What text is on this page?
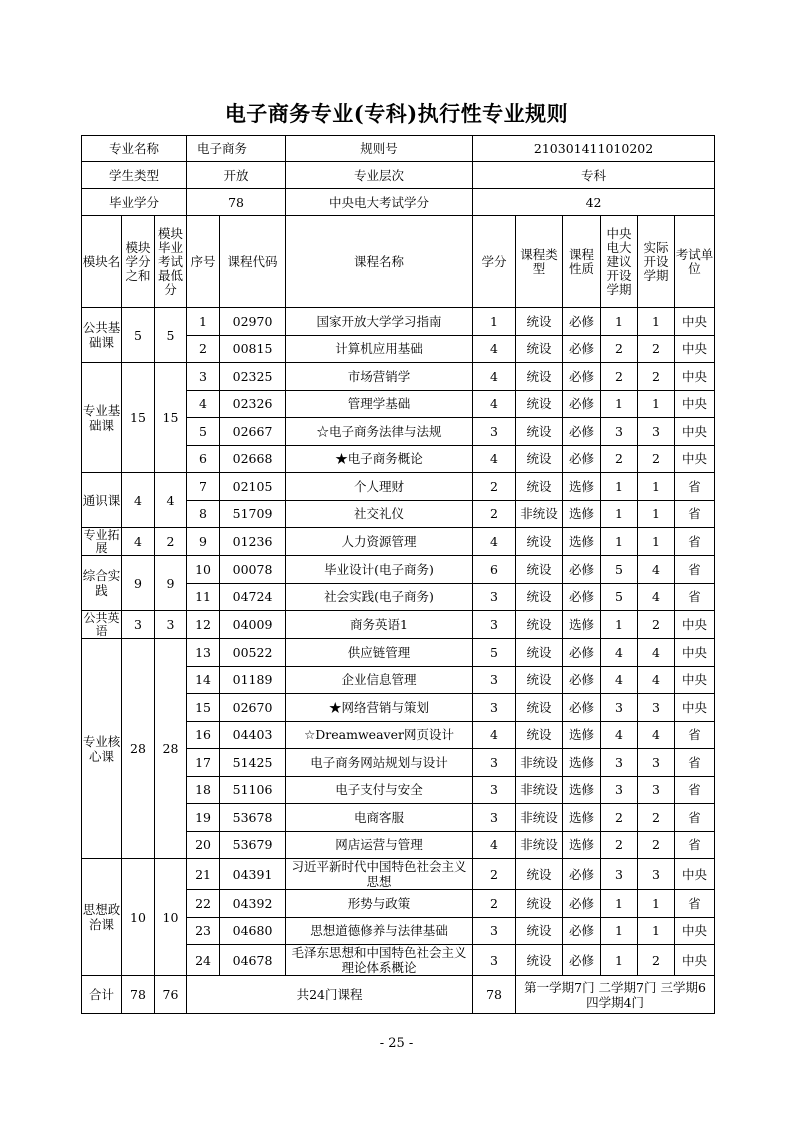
电子商务专业(专科)执行性专业规则
专业名称			电子商务		规则号	210301411010202					
学生类型			开放		专业层次	专科					
毕业学分			78		中央电大考试学分	42					
模块名	模块学分之和	模块毕业考试最低分	序号	课程代码	课程名称	学分	课程类型	课程性质	中央电大建议开设学期	实际开设学期	考试单位
公共基础课	5	5	1	02970	国家开放大学学习指南	1	统设	必修	1	1	中央
			2	00815	计算机应用基础	4	统设	必修	2	2	中央
专业基础课	15	15	3	02325	市场营销学	4	统设	必修	2	2	中央
			4	02326	管理学基础	4	统设	必修	1	1	中央
			5	02667	☆电子商务法律与法规	3	统设	必修	3	3	中央
			6	02668	★电子商务概论	4	统设	必修	2	2	中央
通识课	4	4	7	02105	个人理财	2	统设	选修	1	1	省
			8	51709	社交礼仪	2	非统设	选修	1	1	省
专业拓展	4	2	9	01236	人力资源管理	4	统设	选修	1	1	省
综合实践	9	9	10	00078	毕业设计(电子商务)	6	统设	必修	5	4	省
			11	04724	社会实践(电子商务)	3	统设	必修	5	4	省
公共英语	3	3	12	04009	商务英语1	3	统设	选修	1	2	中央
专业核心课	28	28	13	00522	供应链管理	5	统设	必修	4	4	中央
			14	01189	企业信息管理	3	统设	必修	4	4	中央
			15	02670	★网络营销与策划	3	统设	必修	3	3	中央
			16	04403	☆Dreamweaver网页设计	4	统设	选修	4	4	省
			17	51425	电子商务网站规划与设计	3	非统设	选修	3	3	省
			18	51106	电子支付与安全	3	非统设	选修	3	3	省
			19	53678	电商客服	3	非统设	选修	2	2	省
			20	53679	网店运营与管理	4	非统设	选修	2	2	省
思想政治课	10	10	21	04391	习近平新时代中国特色社会主义思想	2	统设	必修	3	3	中央
			22	04392	形势与政策	2	统设	必修	1	1	省
			23	04680	思想道德修养与法律基础	3	统设	必修	1	1	中央
			24	04678	毛泽东思想和中国特色社会主义理论体系概论	3	统设	必修	1	2	中央
合计	78	76	共24门课程			78	第一学期7门 二学期7门 三学期6 四学期4门				
- 25 -
